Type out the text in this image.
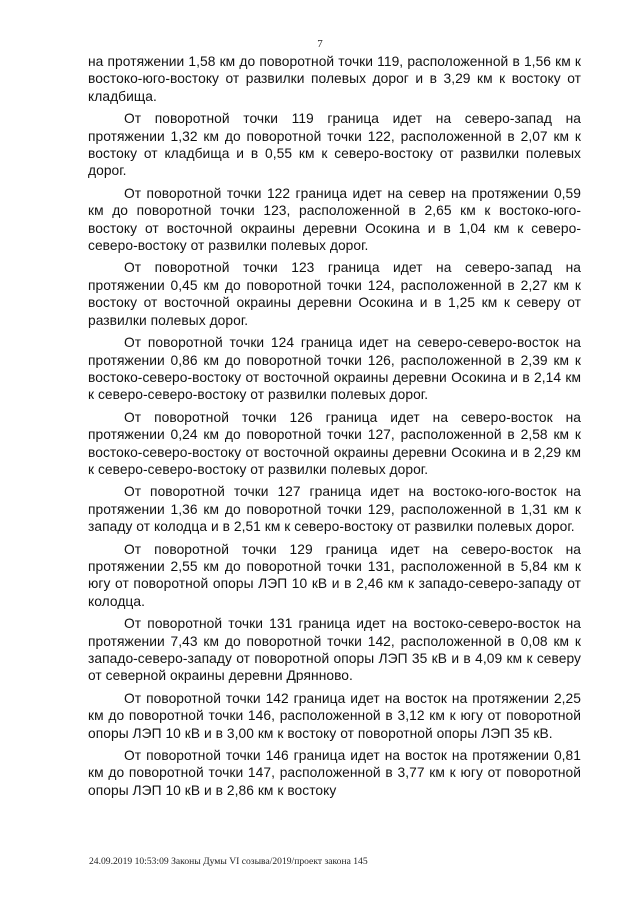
7

на протяжении 1,58 км до поворотной точки 119, расположенной в 1,56 км к востоко-юго-востоку от развилки полевых дорог и в 3,29 км к востоку от кладбища.

От поворотной точки 119 граница идет на северо-запад на протяжении 1,32 км до поворотной точки 122, расположенной в 2,07 км к востоку от кладбища и в 0,55 км к северо-востоку от развилки полевых дорог.

От поворотной точки 122 граница идет на север на протяжении 0,59 км до поворотной точки 123, расположенной в 2,65 км к востоко-юго-востоку от восточной окраины деревни Осокина и в 1,04 км к северо-северо-востоку от развилки полевых дорог.

От поворотной точки 123 граница идет на северо-запад на протяжении 0,45 км до поворотной точки 124, расположенной в 2,27 км к востоку от восточной окраины деревни Осокина и в 1,25 км к северу от развилки полевых дорог.

От поворотной точки 124 граница идет на северо-северо-восток на протяжении 0,86 км до поворотной точки 126, расположенной в 2,39 км к востоко-северо-востоку от восточной окраины деревни Осокина и в 2,14 км к северо-северо-востоку от развилки полевых дорог.

От поворотной точки 126 граница идет на северо-восток на протяжении 0,24 км до поворотной точки 127, расположенной в 2,58 км к востоко-северо-востоку от восточной окраины деревни Осокина и в 2,29 км к северо-северо-востоку от развилки полевых дорог.

От поворотной точки 127 граница идет на востоко-юго-восток на протяжении 1,36 км до поворотной точки 129, расположенной в 1,31 км к западу от колодца и в 2,51 км к северо-востоку от развилки полевых дорог.

От поворотной точки 129 граница идет на северо-восток на протяжении 2,55 км до поворотной точки 131, расположенной в 5,84 км к югу от поворотной опоры ЛЭП 10 кВ и в 2,46 км к западо-северо-западу от колодца.

От поворотной точки 131 граница идет на востоко-северо-восток на протяжении 7,43 км до поворотной точки 142, расположенной в 0,08 км к западо-северо-западу от поворотной опоры ЛЭП 35 кВ и в 4,09 км к северу от северной окраины деревни Дрянново.

От поворотной точки 142 граница идет на восток на протяжении 2,25 км до поворотной точки 146, расположенной в 3,12 км к югу от поворотной опоры ЛЭП 10 кВ и в 3,00 км к востоку от поворотной опоры ЛЭП 35 кВ.

От поворотной точки 146 граница идет на восток на протяжении 0,81 км до поворотной точки 147, расположенной в 3,77 км к югу от поворотной опоры ЛЭП 10 кВ и в 2,86 км к востоку

24.09.2019 10:53:09 Законы Думы VI созыва/2019/проект закона 145
